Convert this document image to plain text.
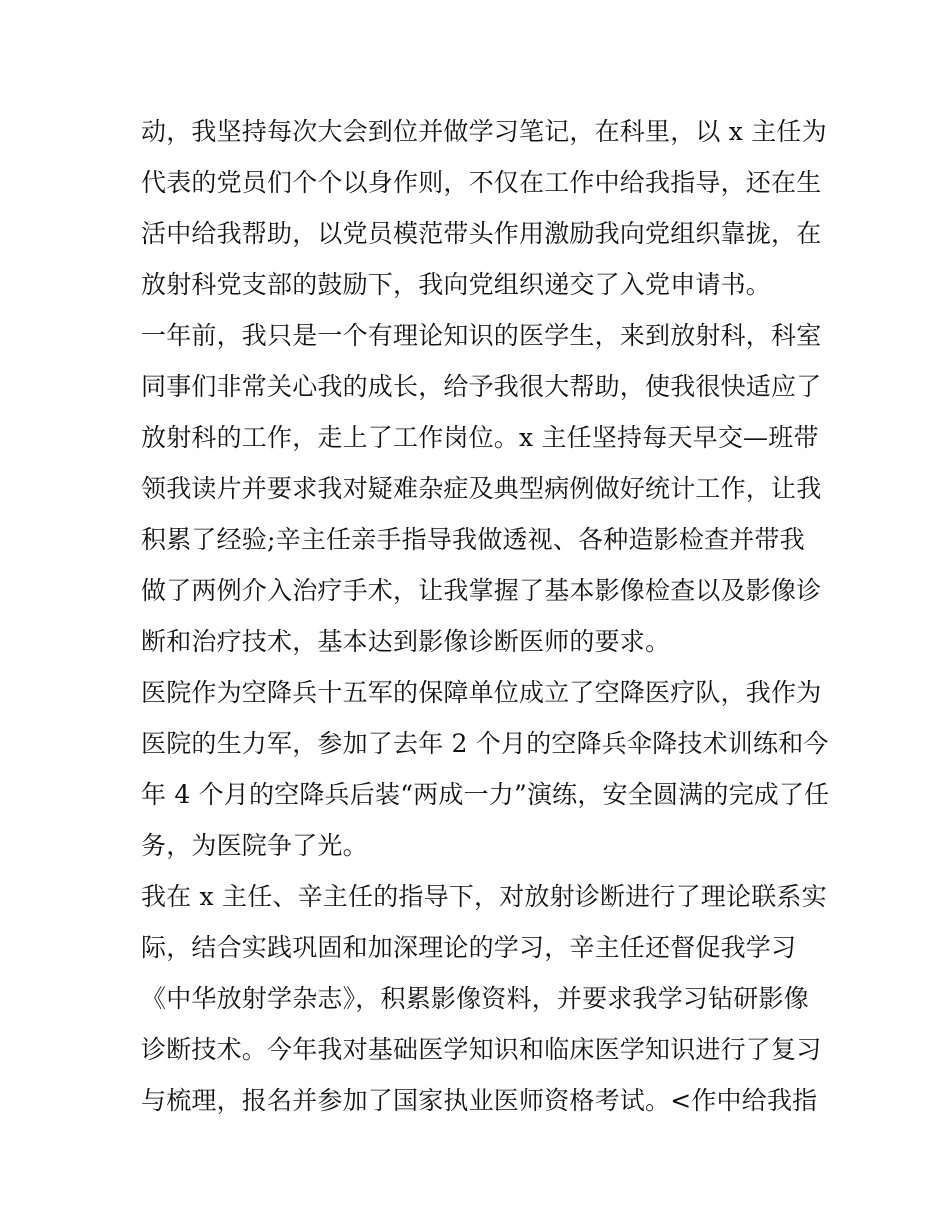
动，我坚持每次大会到位并做学习笔记，在科里，以 x 主任为
代表的党员们个个以身作则，不仅在工作中给我指导，还在生
活中给我帮助，以党员模范带头作用激励我向党组织靠拢，在
放射科党支部的鼓励下，我向党组织递交了入党申请书。
一年前，我只是一个有理论知识的医学生，来到放射科，科室
同事们非常关心我的成长，给予我很大帮助，使我很快适应了
放射科的工作，走上了工作岗位。x 主任坚持每天早交—班带
领我读片并要求我对疑难杂症及典型病例做好统计工作，让我
积累了经验;辛主任亲手指导我做透视、各种造影检查并带我
做了两例介入治疗手术，让我掌握了基本影像检查以及影像诊
断和治疗技术，基本达到影像诊断医师的要求。
医院作为空降兵十五军的保障单位成立了空降医疗队，我作为
医院的生力军，参加了去年 2 个月的空降兵伞降技术训练和今
年 4 个月的空降兵后装“两成一力”演练，安全圆满的完成了任
务，为医院争了光。
我在 x 主任、辛主任的指导下，对放射诊断进行了理论联系实
际，结合实践巩固和加深理论的学习，辛主任还督促我学习
《中华放射学杂志》，积累影像资料，并要求我学习钻研影像
诊断技术。今年我对基础医学知识和临床医学知识进行了复习
与梳理，报名并参加了国家执业医师资格考试。<作中给我指
